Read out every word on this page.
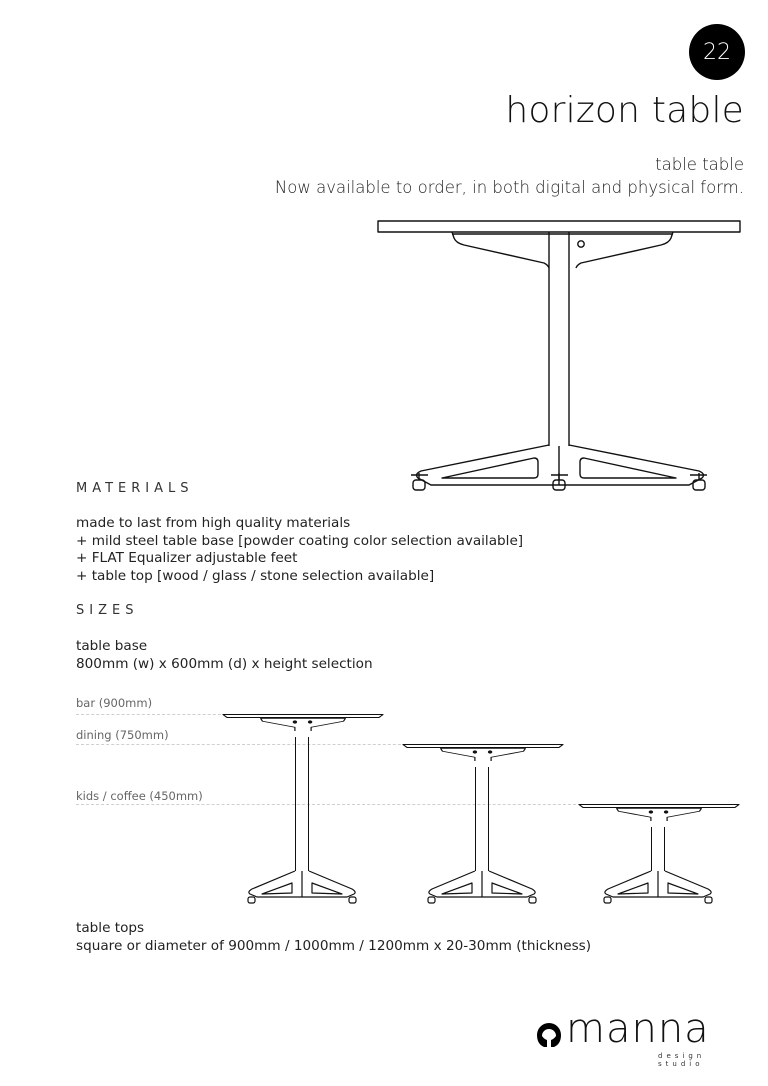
22
horizon table
table table
Now available to order, in both digital and physical form.
MATERIALS
made to last from high quality materials
+ mild steel table base [powder coating color selection available]
+ FLAT Equalizer adjustable feet
+ table top [wood / glass / stone selection available]
SIZES
table base
800mm (w) x 600mm (d) x height selection
bar (900mm)
dining (750mm)
kids / coffee (450mm)
table tops
square or diameter of 900mm / 1000mm / 1200mm x 20-30mm (thickness)
manna
design studio
